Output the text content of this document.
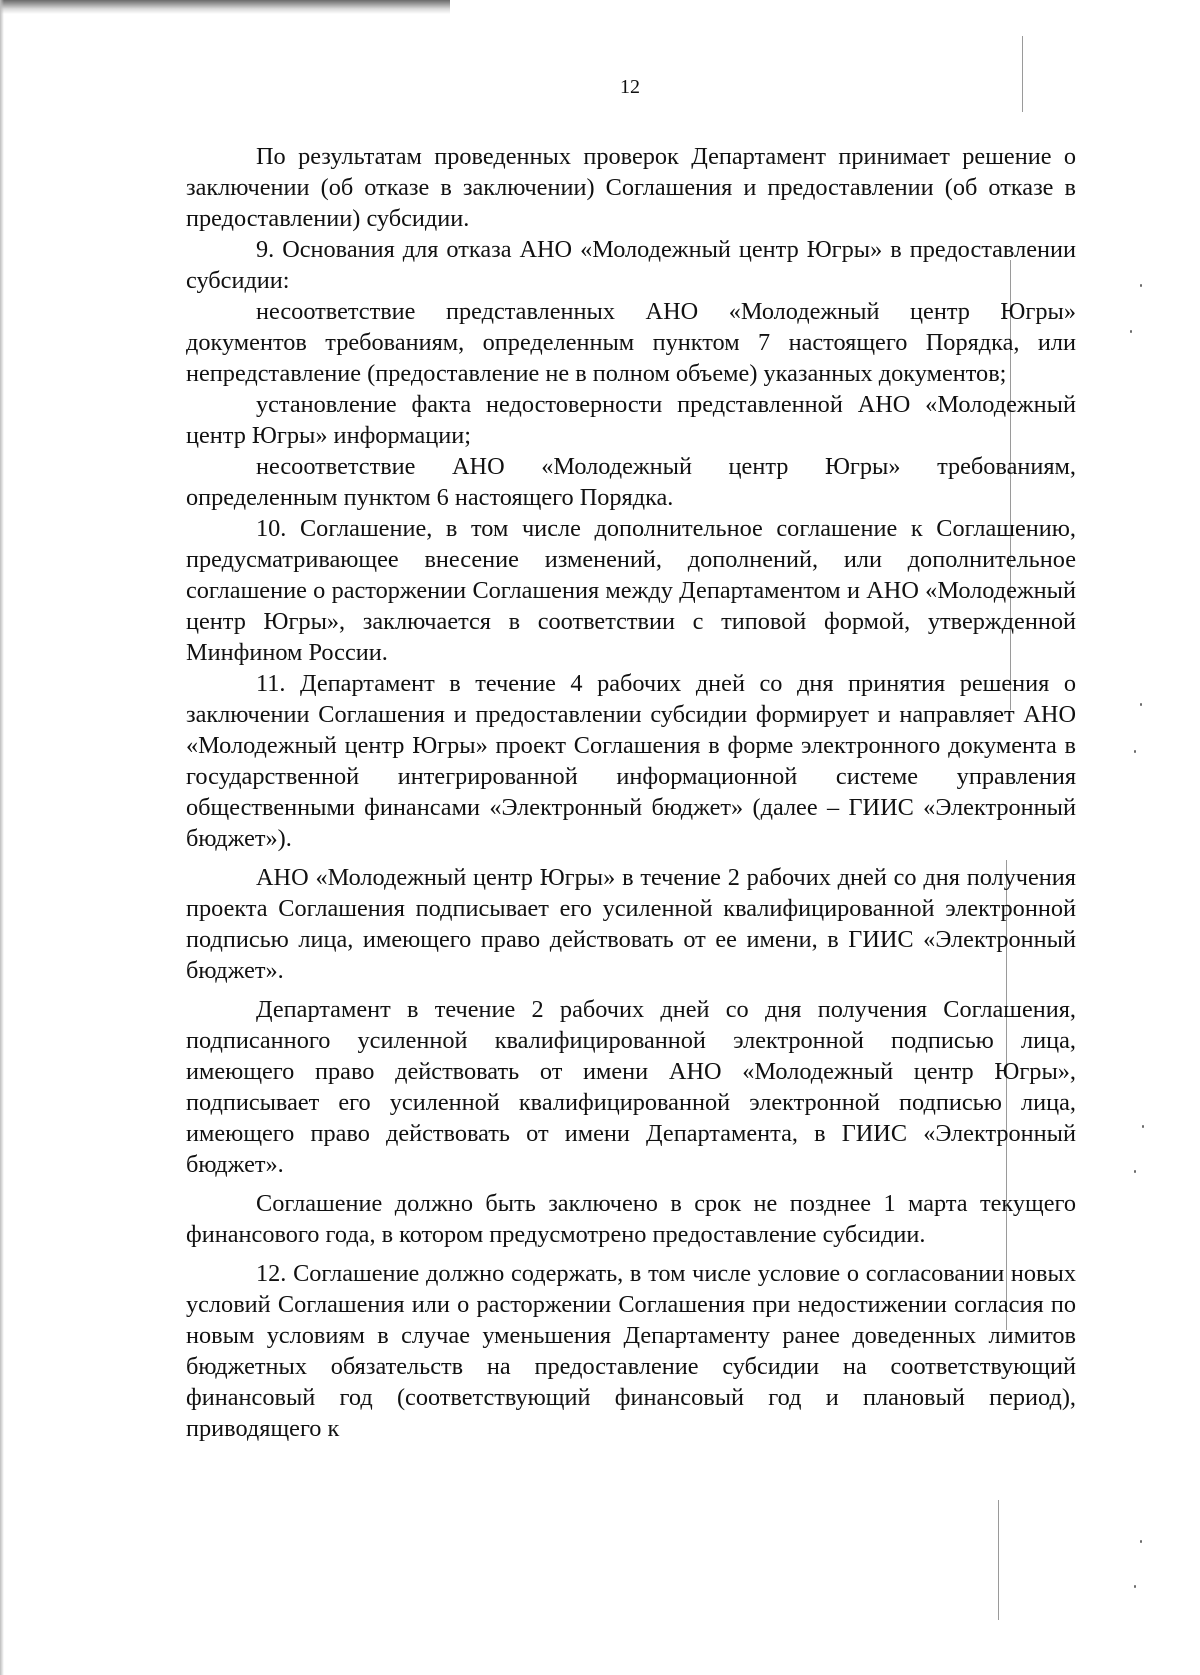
12

По результатам проведенных проверок Департамент принимает решение о заключении (об отказе в заключении) Соглашения и предоставлении (об отказе в предоставлении) субсидии.

9. Основания для отказа АНО «Молодежный центр Югры» в предоставлении субсидии:

несоответствие представленных АНО «Молодежный центр Югры» документов требованиям, определенным пунктом 7 настоящего Порядка, или непредставление (предоставление не в полном объеме) указанных документов;

установление факта недостоверности представленной АНО «Молодежный центр Югры» информации;

несоответствие АНО «Молодежный центр Югры» требованиям, определенным пунктом 6 настоящего Порядка.

10. Соглашение, в том числе дополнительное соглашение к Соглашению, предусматривающее внесение изменений, дополнений, или дополнительное соглашение о расторжении Соглашения между Департаментом и АНО «Молодежный центр Югры», заключается в соответствии с типовой формой, утвержденной Минфином России.

11. Департамент в течение 4 рабочих дней со дня принятия решения о заключении Соглашения и предоставлении субсидии формирует и направляет АНО «Молодежный центр Югры» проект Соглашения в форме электронного документа в государственной интегрированной информационной системе управления общественными финансами «Электронный бюджет» (далее – ГИИС «Электронный бюджет»).

АНО «Молодежный центр Югры» в течение 2 рабочих дней со дня получения проекта Соглашения подписывает его усиленной квалифицированной электронной подписью лица, имеющего право действовать от ее имени, в ГИИС «Электронный бюджет».

Департамент в течение 2 рабочих дней со дня получения Соглашения, подписанного усиленной квалифицированной электронной подписью лица, имеющего право действовать от имени АНО «Молодежный центр Югры», подписывает его усиленной квалифицированной электронной подписью лица, имеющего право действовать от имени Департамента, в ГИИС «Электронный бюджет».

Соглашение должно быть заключено в срок не позднее 1 марта текущего финансового года, в котором предусмотрено предоставление субсидии.

12. Соглашение должно содержать, в том числе условие о согласовании новых условий Соглашения или о расторжении Соглашения при недостижении согласия по новым условиям в случае уменьшения Департаменту ранее доведенных лимитов бюджетных обязательств на предоставление субсидии на соответствующий финансовый год (соответствующий финансовый год и плановый период), приводящего к
